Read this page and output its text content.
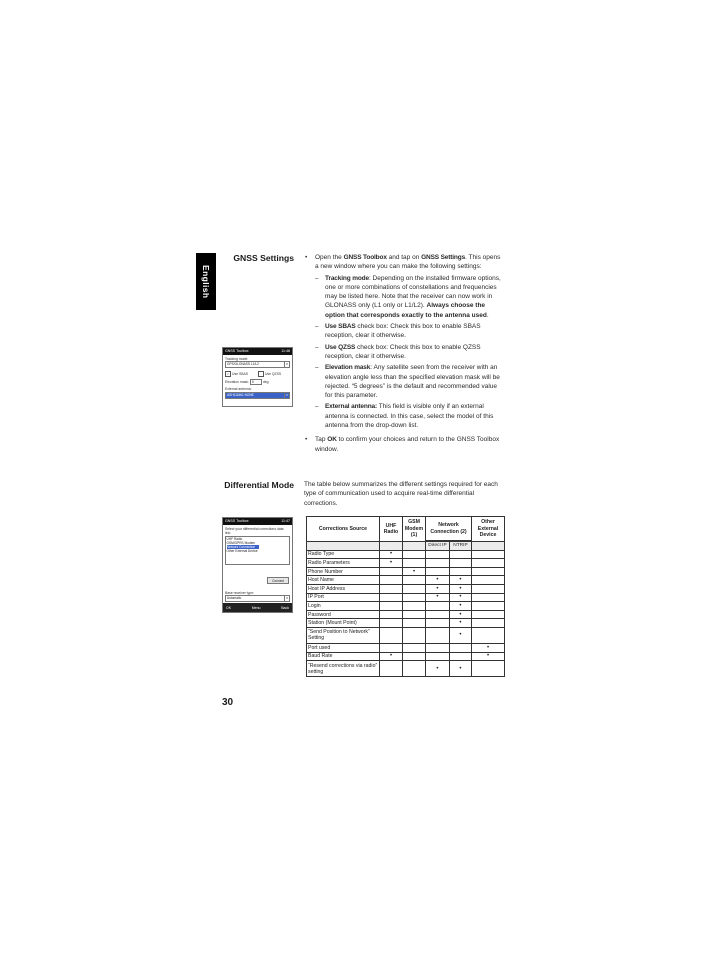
English
GNSS Settings • Open the GNSS Toolbox and tap on GNSS Settings. This opens a new window where you can make the following settings:
– Tracking mode: Depending on the installed firmware options, one or more combinations of constellations and frequencies may be listed here. Note that the receiver can now work in GLONASS only (L1 only or L1/L2). Always choose the option that corresponds exactly to the antenna used.
– Use SBAS check box: Check this box to enable SBAS reception, clear it otherwise.
– Use QZSS check box: Check this box to enable QZSS reception, clear it otherwise.
– Elevation mask: Any satellite seen from the receiver with an elevation angle less than the specified elevation mask will be rejected. “5 degrees” is the default and recommended value for this parameter.
– External antenna: This field is visible only if an external antenna is connected. In this case, select the model of this antenna from the drop-down list.
• Tap OK to confirm your choices and return to the GNSS Toolbox window.
GNSS Toolbox	11:48
Tracking mode:
GPS/GLONASS L1/L2	▾
✓ Use SBAS	Use QZSS
Elevation mask: 5	deg
External antenna:
ASH111661 NONE	▾
Differential Mode The table below summarizes the different settings required for each type of communication used to acquire real-time differential corrections.
GNSS Toolbox	11:47
Select your differential corrections data link:
UHF Radio
GSM/GPRS Modem
Network Connection
Other External Device
Connect
Base receiver type:
Automatic	▾
OK	Menu	Back
Corrections Source	UHF Radio	GSM Modem (1)	Network Connection (2)		Other External Device

			Direct IP	NTRIP	
Radio Type	•				
Radio Parameters	•				
Phone Number		•			
Host Name			•	•	
Host IP Address			•	•	
IP Port			•	•	
Login				•	
Password				•	
Station (Mount Point)				•	
“Send Position to Network” Setting				•	
Port used					•
Baud Rate	•				•
“Resend corrections via radio” setting			•	•	
30
